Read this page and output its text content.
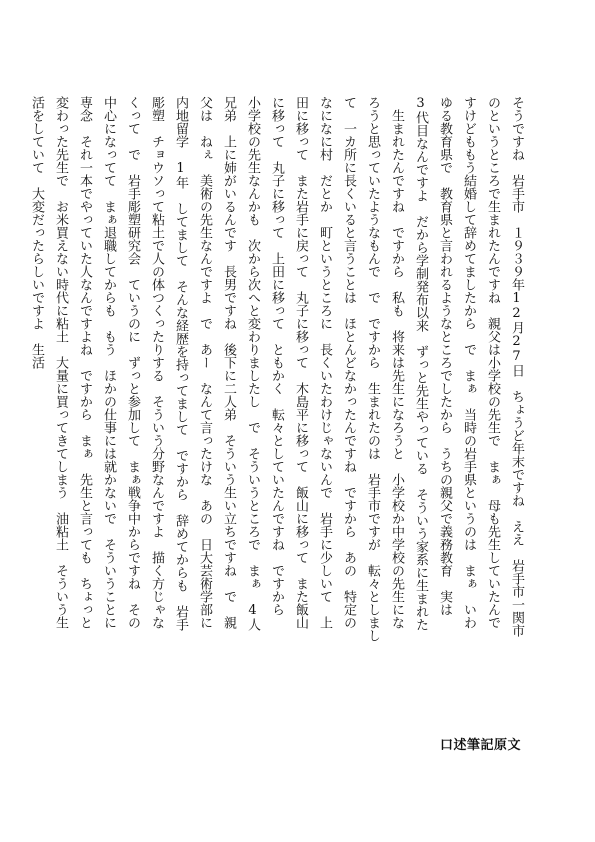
そうですね　岩手市　１９３９年12月27日　ちょうど年末ですね　ええ　岩手市一関市
のというところで生まれたんですね　親父は小学校の先生で　まぁ　母も先生していたんで
すけどももう結婚して辞めてましたから　で　まぁ　当時の岩手県というのは　まぁ　いわ
ゆる教育県で　教育県と言われるようなところでしたから　うちの親父で義務教育　実は
3代目なんですよ　だから学制発布以来　ずっと先生やっている　そういう家系に生まれた
　生まれたんですね　ですから　私も　将来は先生になろうと　小学校か中学校の先生にな
ろうと思っていたようなもんで　で　ですから　生まれたのは　岩手市ですが　転々としまし
て　一カ所に長くいると言うことは　ほとんどなかったんですね　ですから　あの　特定の
なになに村　だとか　町というところに　長くいたわけじゃないんで　岩手に少しいて　上
田に移って　また岩手に戻って　丸子に移って　木島平に移って　飯山に移って　また飯山
に移って　丸子に移って　上田に移って　ともかく　転々としていたんですね　ですから
小学校の先生なんかも　次から次へと変わりましたし　で　そういうところで　まぁ　4人
兄弟　上に姉がいるんです　長男ですね　後下に二人弟　そういう生い立ちですね　で　親
父は　ねぇ　美術の先生なんですよ　で　あー　なんて言ったけな　あの　日大芸術学部に
内地留学　1年　してまして　そんな経歴を持ってまして　ですから　辞めてからも　岩手
彫塑　チョウソって粘土で人の体つくったりする　そういう分野なんですよ　描く方じゃな
くって　で　岩手彫塑研究会　ていうのに　ずっと参加して　まぁ戦争中からですね　その
中心になってて　まぁ退職してからも　もう　ほかの仕事には就かないで　そういうことに
専念　それ一本でやっていた人なんですよね　ですから　まぁ　先生と言っても　ちょっと
変わった先生で　お米買えない時代に粘土　大量に買ってきてしまう　油粘土　そういう生
活をしていて　大変だったらしいですよ　生活
口述筆記原文
